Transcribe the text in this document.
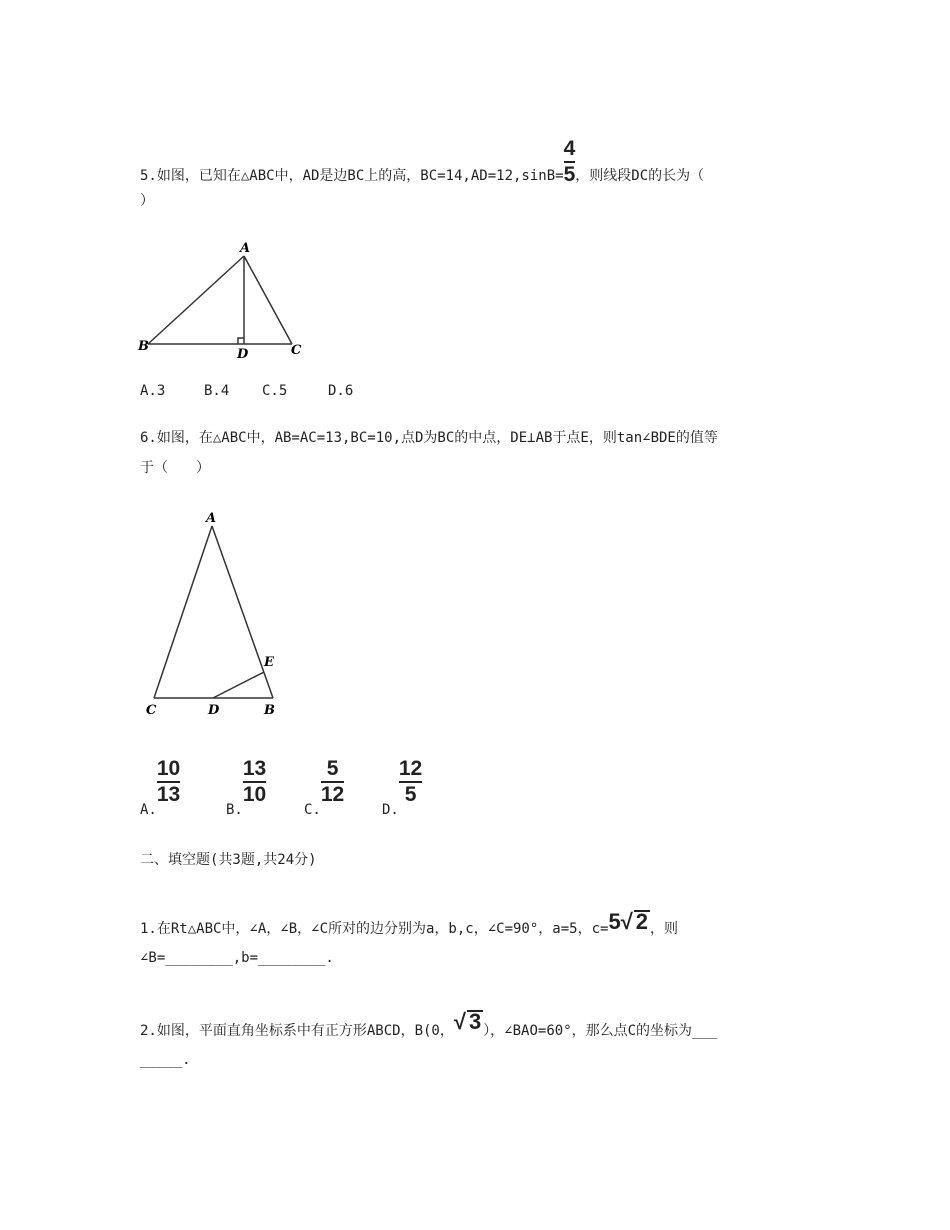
5.如图，已知在△ABC中，AD是边BC上的高，$BC=14,AD=12,\sin B= \frac{4}{5}$ ，则线段DC的长为（
）
A
B
D	C
A.3	B.4 C.5	D.6
6.如图，在△ABC中，AB=AC=13,BC=10,点D为BC的中点，DE⊥AB于点E，则tan∠BDE的值等
于（　　）
A
E
C	D	B
A.
$\frac{10}{13}$
B.
$\frac{13}{10}$
C.
$\frac{5}{12}$
D.
$\frac{12}{5}$
二、填空题(共3题,共24分)
1.在Rt△ABC中，∠A，∠B，∠C所对的边分别为a，b,c，∠C=90°，a=5，c=5√ 2 ，则
∠B=________,b=________.
2.如图，平面直角坐标系中有正方形ABCD，B(0，√ 3 ），∠BAO=60°，那么点C的坐标为___
_____.
